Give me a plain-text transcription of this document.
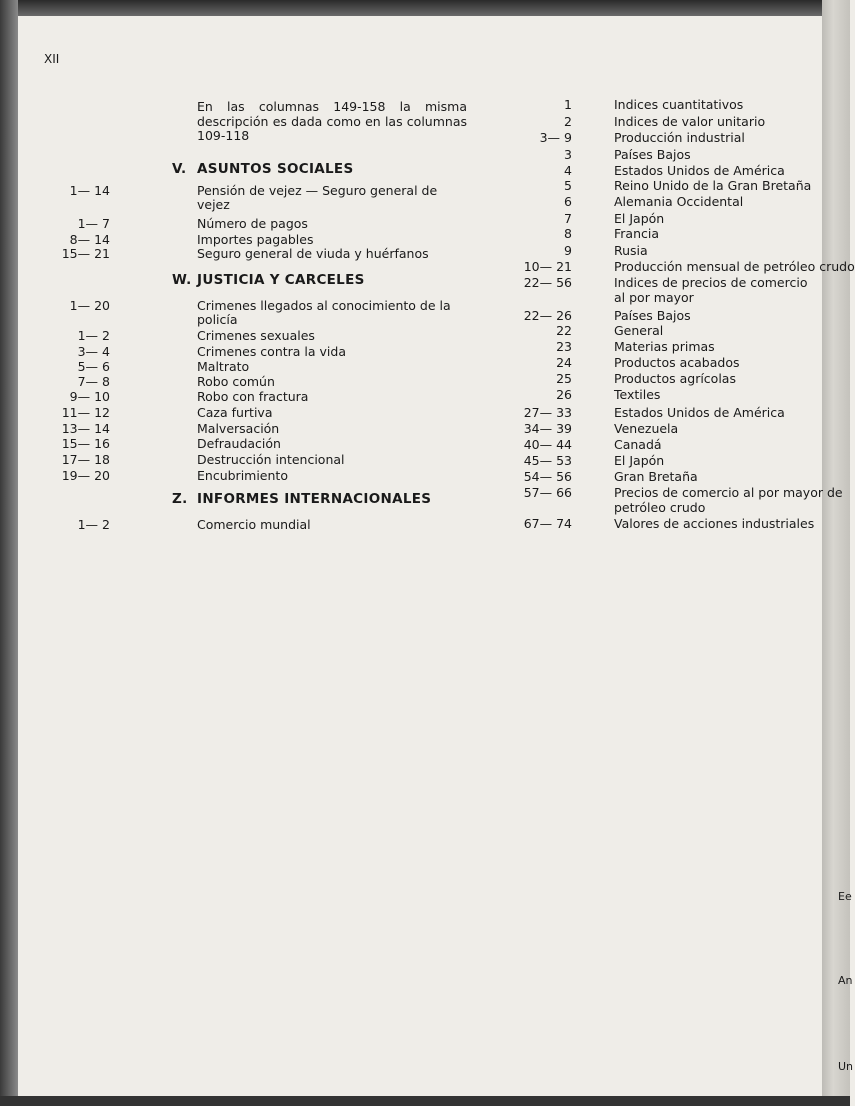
XII
En las columnas 149-158 la misma descripción es dada como en las columnas 109-118
V. ASUNTOS SOCIALES
1— 14	Pensión de vejez — Seguro general de
vejez
1— 7	Número de pagos
8— 14	Importes pagables
15— 21	Seguro general de viuda y huérfanos
W. JUSTICIA Y CARCELES
1— 20	Crimenes llegados al conocimiento de la
policía
1— 2	Crimenes sexuales
3— 4	Crimenes contra la vida
5— 6	Maltrato
7— 8	Robo común
9— 10	Robo con fractura
11— 12	Caza furtiva
13— 14	Malversación
15— 16	Defraudación
17— 18	Destrucción intencional
19— 20	Encubrimiento
Z. INFORMES INTERNACIONALES
1— 2	Comercio mundial
1	Indices cuantitativos
2	Indices de valor unitario
3— 9	Producción industrial
3	Países Bajos
4	Estados Unidos de América
5	Reino Unido de la Gran Bretaña
6	Alemania Occidental
7	El Japón
8	Francia
9	Rusia
10— 21	Producción mensual de petróleo crudo
22— 56	Indices de precios de comercio
al por mayor
22— 26	Países Bajos
22	General
23	Materias primas
24	Productos acabados
25	Productos agrícolas
26	Textiles
27— 33	Estados Unidos de América
34— 39	Venezuela
40— 44	Canadá
45— 53	El Japón
54— 56	Gran Bretaña
57— 66	Precios de comercio al por mayor de
petróleo crudo
67— 74	Valores de acciones industriales
Ee
An
Un
